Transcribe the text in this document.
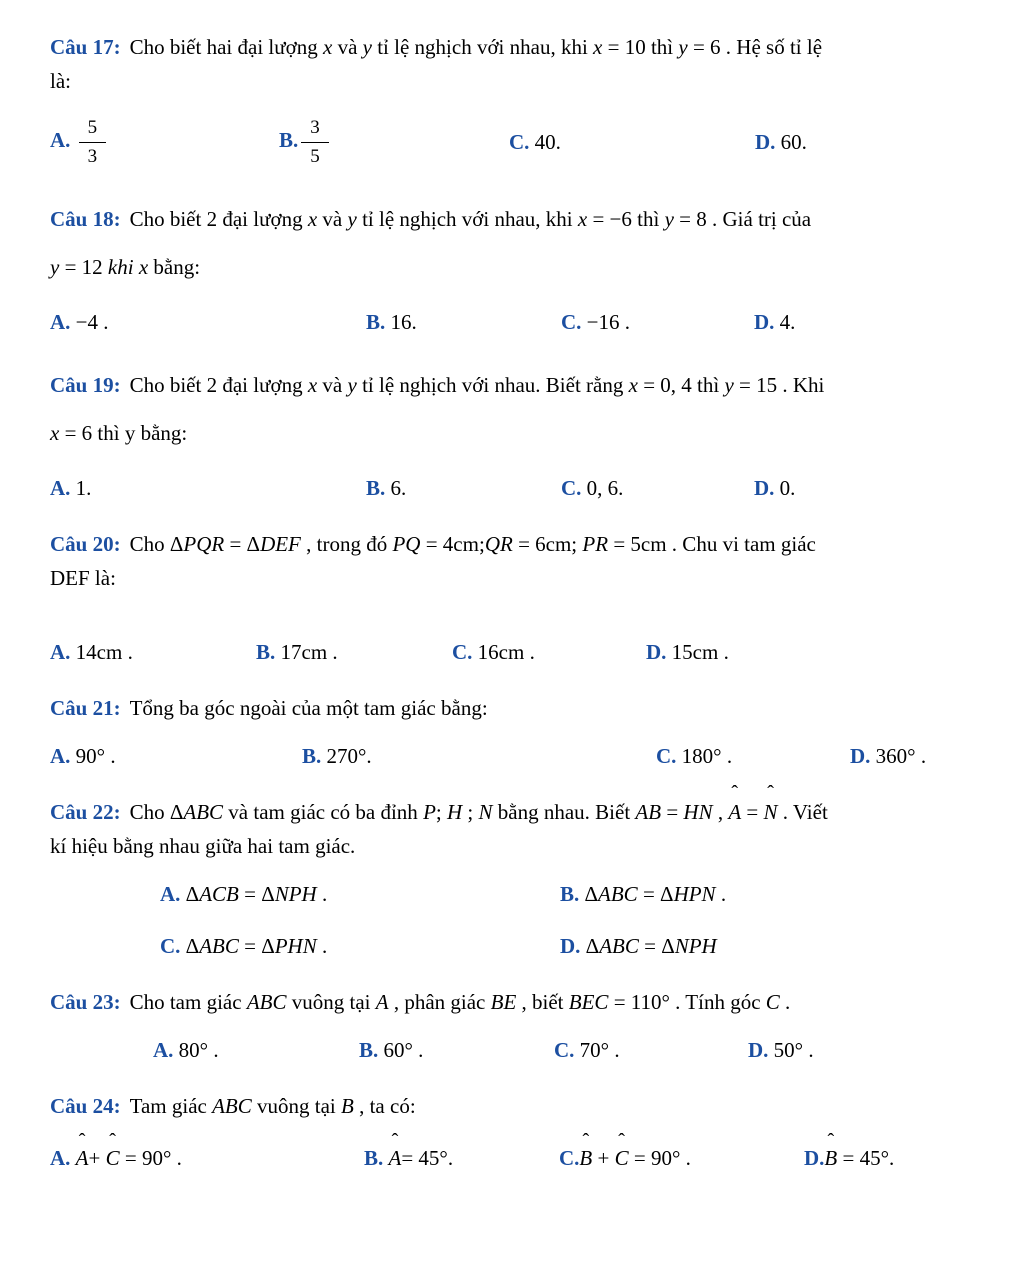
Câu 17: Cho biết hai đại lượng x và y tỉ lệ nghịch với nhau, khi x = 10 thì y = 6 . Hệ số tỉ lệ
là:

A. $\frac{5}{3}$	B. $\frac{3}{5}$	C. 40.	D. 60.

Câu 18: Cho biết 2 đại lượng x và y tỉ lệ nghịch với nhau, khi x = −6 thì y = 8 . Giá trị của
y = 12 khi x bằng:

A. −4 .	B. 16.	C. −16 .	D. 4.

Câu 19: Cho biết 2 đại lượng x và y tỉ lệ nghịch với nhau. Biết rằng x = 0, 4 thì y = 15 . Khi
x = 6 thì y bằng:

A. 1.	B. 6.	C. 0, 6.	D. 0.

Câu 20: Cho ΔPQR = ΔDEF , trong đó PQ = 4cm;QR = 6cm; PR = 5cm . Chu vi tam giác
DEF là:

A. 14cm .	B. 17cm .	C. 16cm .	D. 15cm .

Câu 21: Tổng ba góc ngoài của một tam giác bằng:

A. 90° .	B. 270°.	C. 180° .	D. 360° .

Câu 22: Cho ΔABC và tam giác có ba đỉnh P; H ; N bằng nhau. Biết AB = HN , A ˆ = N ˆ . Viết
kí hiệu bằng nhau giữa hai tam giác.

A. ΔACB = ΔNPH .	B. ΔABC = ΔHPN .
C. ΔABC = ΔPHN .	D. ΔABC = ΔNPH

Câu 23: Cho tam giác ABC vuông tại A , phân giác BE , biết BEC = 110° . Tính góc C .

A. 80° .	B. 60° .	C. 70° .	D. 50° .

Câu 24: Tam giác ABC vuông tại B , ta có:

A. A ˆ+ C ˆ = 90° .	B. A ˆ= 45°.	C.B ˆ + C ˆ = 90° .	D.B ˆ = 45°.
